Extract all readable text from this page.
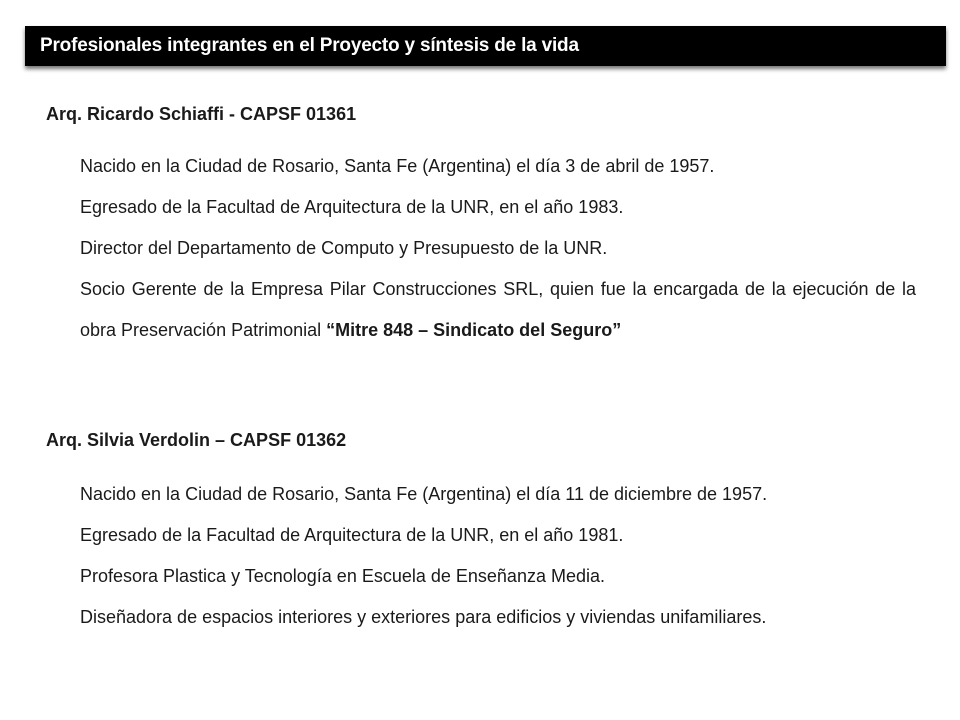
Profesionales integrantes en el Proyecto y síntesis de la vida
Arq. Ricardo Schiaffi - CAPSF 01361
Nacido en la Ciudad de Rosario, Santa Fe (Argentina) el día 3 de abril de 1957.
Egresado de la Facultad de Arquitectura de la UNR, en el año 1983.
Director del Departamento de Computo y Presupuesto de la UNR.
Socio Gerente de la Empresa Pilar Construcciones SRL, quien fue la encargada de la ejecución de la obra Preservación Patrimonial “Mitre 848 – Sindicato del Seguro”
Arq. Silvia Verdolin – CAPSF 01362
Nacido en la Ciudad de Rosario, Santa Fe (Argentina) el día 11 de diciembre de 1957.
Egresado de la Facultad de Arquitectura de la UNR, en el año 1981.
Profesora Plastica y Tecnología en Escuela de Enseñanza Media.
Diseñadora de espacios interiores y exteriores para edificios y viviendas unifamiliares.
